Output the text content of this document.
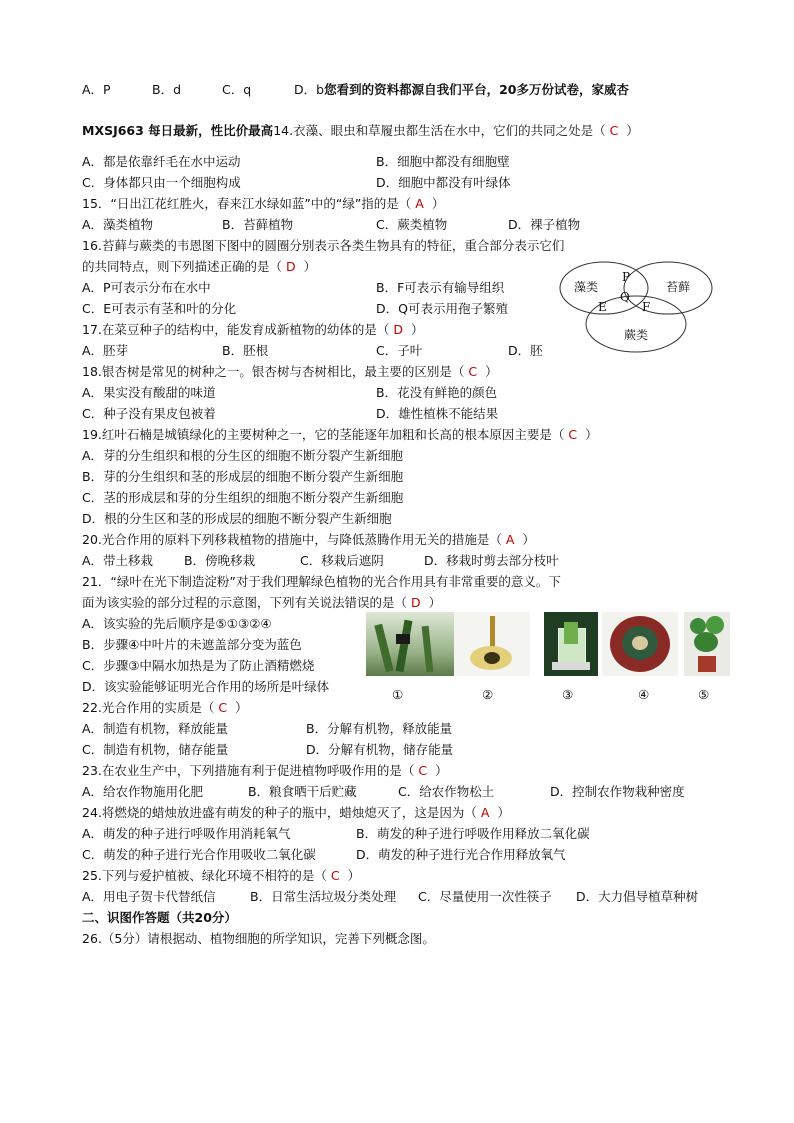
A．P	B．d	C．q	D．b您看到的资料都源自我们平台，20多万份试卷，家威杏
MXSJ663 每日最新，性比价最高14.衣藻、眼虫和草履虫都生活在水中，它们的共同之处是（ C ）
A．都是依靠纤毛在水中运动	B．细胞中都没有细胞壁
C．身体都只由一个细胞构成	D．细胞中都没有叶绿体
15．“日出江花红胜火，春来江水绿如蓝”中的“绿”指的是（ A ）
A．藻类植物	B．苔藓植物	C．蕨类植物	D．裸子植物
16.苔藓与蕨类的韦恩图下图中的圆圈分别表示各类生物具有的特征，重合部分表示它们
的共同特点，则下列描述正确的是（ D ）
A．P可表示分布在水中	B．F可表示有输导组织
C．E可表示有茎和叶的分化	D．Q可表示用孢子繁殖
藻类	苔藓
P
Q
E	F
蕨类
17.在菜豆种子的结构中，能发育成新植物的幼体的是（ D ）
A．胚芽	B．胚根	C．子叶	D．胚
18.银杏树是常见的树种之一。银杏树与杏树相比，最主要的区别是（ C ）
A．果实没有酸甜的味道	B．花没有鲜艳的颜色
C．种子没有果皮包被着	D．雄性植株不能结果
19.红叶石楠是城镇绿化的主要树种之一，它的茎能逐年加粗和长高的根本原因主要是（ C ）
A．芽的分生组织和根的分生区的细胞不断分裂产生新细胞
B．芽的分生组织和茎的形成层的细胞不断分裂产生新细胞
C．茎的形成层和芽的分生组织的细胞不断分裂产生新细胞
D．根的分生区和茎的形成层的细胞不断分裂产生新细胞
20.光合作用的原料下列移栽植物的措施中，与降低蒸腾作用无关的措施是（ A ）
A．带土移栽 B．傍晚移栽	C．移栽后遮阴	D．移栽时剪去部分枝叶
21．“绿叶在光下制造淀粉”对于我们理解绿色植物的光合作用具有非常重要的意义。下
面为该实验的部分过程的示意图，下列有关说法错误的是（ D ）
A．该实验的先后顺序是⑤①③②④
B．步骤④中叶片的未遮盖部分变为蓝色
C．步骤③中隔水加热是为了防止酒精燃烧
D．该实验能够证明光合作用的场所是叶绿体
①	②	③	④	⑤
22.光合作用的实质是（ C ）
A．制造有机物，释放能量	B．分解有机物，释放能量
C．制造有机物，储存能量	D．分解有机物，储存能量
23.在农业生产中，下列措施有利于促进植物呼吸作用的是（ C ）
A．给农作物施用化肥	B．粮食晒干后贮藏	C．给农作物松土	D．控制农作物栽种密度
24.将燃烧的蜡烛放进盛有萌发的种子的瓶中，蜡烛熄灭了，这是因为（ A ）
A．萌发的种子进行呼吸作用消耗氧气	B．萌发的种子进行呼吸作用释放二氧化碳
C．萌发的种子进行光合作用吸收二氧化碳	D．萌发的种子进行光合作用释放氧气
25.下列与爱护植被、绿化环境不相符的是（ C ）
A．用电子贺卡代替纸信	B．日常生活垃圾分类处理 C．尽量使用一次性筷子 D．大力倡导植草种树
二、识图作答题（共20分）
26.（5分）请根据动、植物细胞的所学知识，完善下列概念图。
